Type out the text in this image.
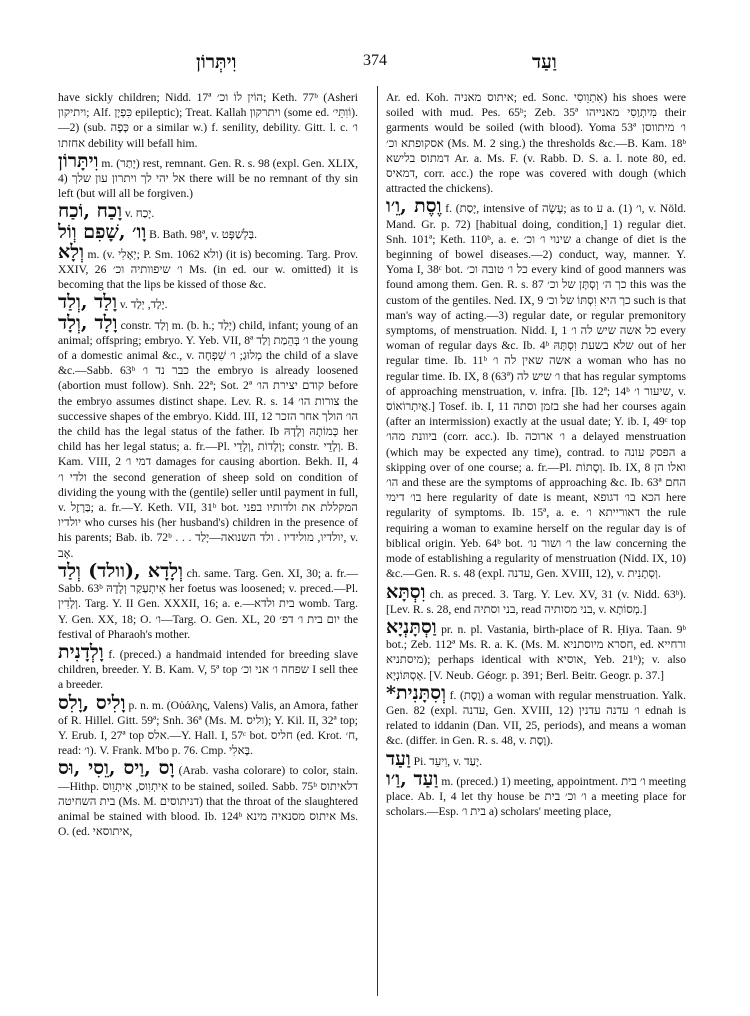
וִיתְּרוֹן	374	וַעַד

have sickly children; Nidd. 17ª הוֹין לוֹ וכ׳; Keth. 77ᵇ (Asheri ויתיקון; Alf. כִּפְיָן epileptic); Treat. Kallah ויתרקון (some ed. וֹוִתֵּי׳).—2) (sub. כָּפָה or a similar w.) f. senility, debility. Gitt. l. c. ו׳ אחזתו debility will befall him.

וִיתָּרוֹן m. (יָתַר) rest, remnant. Gen. R. s. 98 (expl. Gen. XLIX, 4) אל יהי לך ויתרון עון שלך there will be no remnant of thy sin left (but will all be forgiven.)

וָכַח ,וֹכַח v. יָכַח.

וָו׳ ,שָׁפִם וְוֹל B. Bath. 98ª, v. בַּלְשַׁפָּט.

וְלָא m. (v. יְאָלִי; P. Sm. 1062 ולא) (it is) becoming. Targ. Prov. XXIV, 26 ו׳ שיפוותיה וכ׳ Ms. (in ed. our w. omitted) it is becoming that the lips be kissed of those &c.

וָלַד ,וְלַד v. יָלַד, יְלַד.

וָלָד ,וְלָד constr. וְלַד m. (b. h.; יָלַד) child, infant; young of an animal; offspring; embryo. Y. Yeb. VII, 8ª ו׳ בְּהֵמַת וְלַד the young of a domestic animal &c., v. מְלוּגַ; ו׳ שִׁפְחָה the child of a slave &c.—Sabb. 63ᵇ כבר נד ו׳ the embryo is already loosened (abortion must follow). Snh. 22ª; Sot. 2ª קודם יצירת הו׳ before the embryo assumes distinct shape. Lev. R. s. 14 צורות הו׳ the successive shapes of the embryo. Kidd. III, 12 הו׳ הולך אחר הזכר the child has the legal status of the father. Ib כְּמוֹתָהּ וְלָדָהּ her child has her legal status; a. fr.—Pl. וְלָדוֹת ,וְלָדֵי; constr. וְלָדֵי. B. Kam. VIII, 2 דמי ו׳ damages for causing abortion. Bekh. II, 4 ולדי ו׳ the second generation of sheep sold on condition of dividing the young with the (gentile) seller until payment in full, v. בַּרְזֶל; a. fr.—Y. Keth. VII, 31ᵇ bot. המקללת את ולדותיו בפני יולדיו who curses his (her husband's) children in the presence of his parents; Bab. ib. 72ᵇ . . . יולדיו, מולידיו . ולד השנואה—יָלַד, v. אָב.

וְלָדָא ,(וולד) וְלַד ch. same. Targ. Gen. XI, 30; a. fr.—Sabb. 63ᵇ אִיתְעַקַר וְלָדָהּ her foetus was loosened; v. preced.—Pl. וְלָדִין. Targ. Y. II Gen. XXXII, 16; a. e.—בית ולדא womb. Targ. Y. Gen. XX, 18; O. ו׳—Targ. O. Gen. XL, 20 יום בית ו׳ דפ׳ the festival of Pharaoh's mother.

וָלְדָנִית f. (preced.) a handmaid intended for breeding slave children, breeder. Y. B. Kam. V, 5ª top שפחה ו׳ אני וכ׳ I sell thee a breeder.

וָלִיס ,וָלִס p. n. m. (Οὐάλης, Valens) Valis, an Amora, father of R. Hillel. Gitt. 59ª; Snh. 36ª (Ms. M. וליס); Y. Kil. II, 32ª top; Y. Erub. I, 27ª top אלס.—Y. Hall. I, 57ᶜ bot. חליס (ed. Krot. ח׳, read: ו׳). V. Frank. M'bo p. 76. Cmp. בֶּאלִי.

וָס ,וַיס ,וֵסִי ,וּס (Arab. vasha colorare) to color, stain. —Hithp. אִיתְוִוס, אִיתְוֵוס to be stained, soiled. Sabb. 75ᵇ דלאיתוס בית השחיטה (Ms. M. דניתוסים) that the throat of the slaughtered animal be stained with blood. Ib. 124ᵇ איתוס מסנאיה מינא Ms. O. (ed. איתוסאי,

Ar. ed. Koh. איתוס מאניה; ed. Sonc. אִתְוֵוסִי) his shoes were soiled with mud. Pes. 65ᵇ; Zeb. 35ª מִיתְוַסִי מאנייהו their garments would be soiled (with blood). Yoma 53ª ו׳ מיתווסן אסקופתא וכ׳ (Ms. M. 2 sing.) the thresholds &c.—B. Kam. 18ᵇ דמתוס בלישא Ar. a. Ms. F. (v. Rabb. D. S. a. l. note 80, ed. דמאיס, corr. acc.) the rope was covered with dough (which attracted the chickens).

וֶסֶת ,וֵ׳ו f. (יָסַת, intensive of עָשָׂה; as to ע a. ו׳ (1), v. Nöld. Mand. Gr. p. 72) [habitual doing, condition,] 1) regular diet. Snh. 101ª; Keth. 110ᵇ, a. e. שינוי ו׳ וכ׳ a change of diet is the beginning of bowel diseases.—2) conduct, way, manner. Y. Yoma I, 38ᶜ bot. כל ו׳ טובה וכ׳ every kind of good manners was found among them. Gen. R. s. 87 כך ה׳ וְסְתָּן של וכ׳ this was the custom of the gentiles. Ned. IX, 9 כך היא וִסְתּוֹ של וכ׳ such is that man's way of acting.—3) regular date, or regular premonitory symptoms, of menstruation. Nidd. I, 1 כל אשה שיש לה ו׳ every woman of regular days &c. Ib. 4ᵇ שלא בשעת וִסְתָּהּ out of her regular time. Ib. 11ᵇ אשה שאין לה ו׳ a woman who has no regular time. Ib. IX, 8 (63ª) ו׳ שיש לה that has regular symptoms of approaching menstruation, v. infra. [Ib. 12ª; 14ᵇ שיעור ו׳, v. אֲיִתְרוֹאוֹס.] Tosef. ib. I, 11 בזמן וסתה she had her courses again (after an intermission) exactly at the usual date; Y. ib. I, 49ᶜ top ביוונת מהו׳ (corr. acc.). Ib. ו׳ ארוכה a delayed menstruation (which may be expected any time), contrad. to הפסק עונה a skipping over of one course; a. fr.—Pl. וְסָתוֹת. Ib. IX, 8 ואלו הן הו׳ and these are the symptoms of approaching &c. Ib. 63ª החם בו׳ דימי here regularity of date is meant, הכא בו׳ דגופא here regularity of symptoms. Ib. 15ª, a. e. דאורייתא ו׳ the rule requiring a woman to examine herself on the regular day is of biblical origin. Yeb. 64ᵇ bot. ו׳ ושור נו׳ the law concerning the mode of establishing a regularity of menstruation (Nidd. IX, 10) &c.—Gen. R. s. 48 (expl. עדנה, Gen. XVIII, 12), v. וְסְתָנִית.

וִסְתָּא ch. as preced. 3. Targ. Y. Lev. XV, 31 (v. Nidd. 63ᵇ). [Lev. R. s. 28, end בני וסתיה, read בני מסותיה, v. מְסוֹתָא.]

וַסְתָּנְיָא pr. n. pl. Vastania, birth-place of R. Ḥiya. Taan. 9ᵇ bot.; Zeb. 112ª Ms. R. a. K. (Ms. M. חסרא מיוסתניא, ed. ורחייא מיסתניא); perhaps identical with אוסיא, Yeb. 21ᵇ); v. also אָסְתּוֹנְיָא. [V. Neub. Géogr. p. 391; Berl. Beitr. Geogr. p. 37.]

*וְסִתָּנִית f. (וֶסֶת) a woman with regular menstruation. Yalk. Gen. 82 (expl. עדנה, Gen. XVIII, 12) ו׳ עדנה עדנין ednah is related to iddanin (Dan. VII, 25, periods), and means a woman &c. (differ. in Gen. R. s. 48, v. וֶסֶת).

וַעַד Pi. וִיעֵד, v. יָעַד.

וַעַד ,וַ׳ו m. (preced.) 1) meeting, appointment. ו׳ בית meeting place. Ab. I, 4 let thy house be ו׳ וכ׳ בית a meeting place for scholars.—Esp. בית ו׳ a) scholars' meeting place,
